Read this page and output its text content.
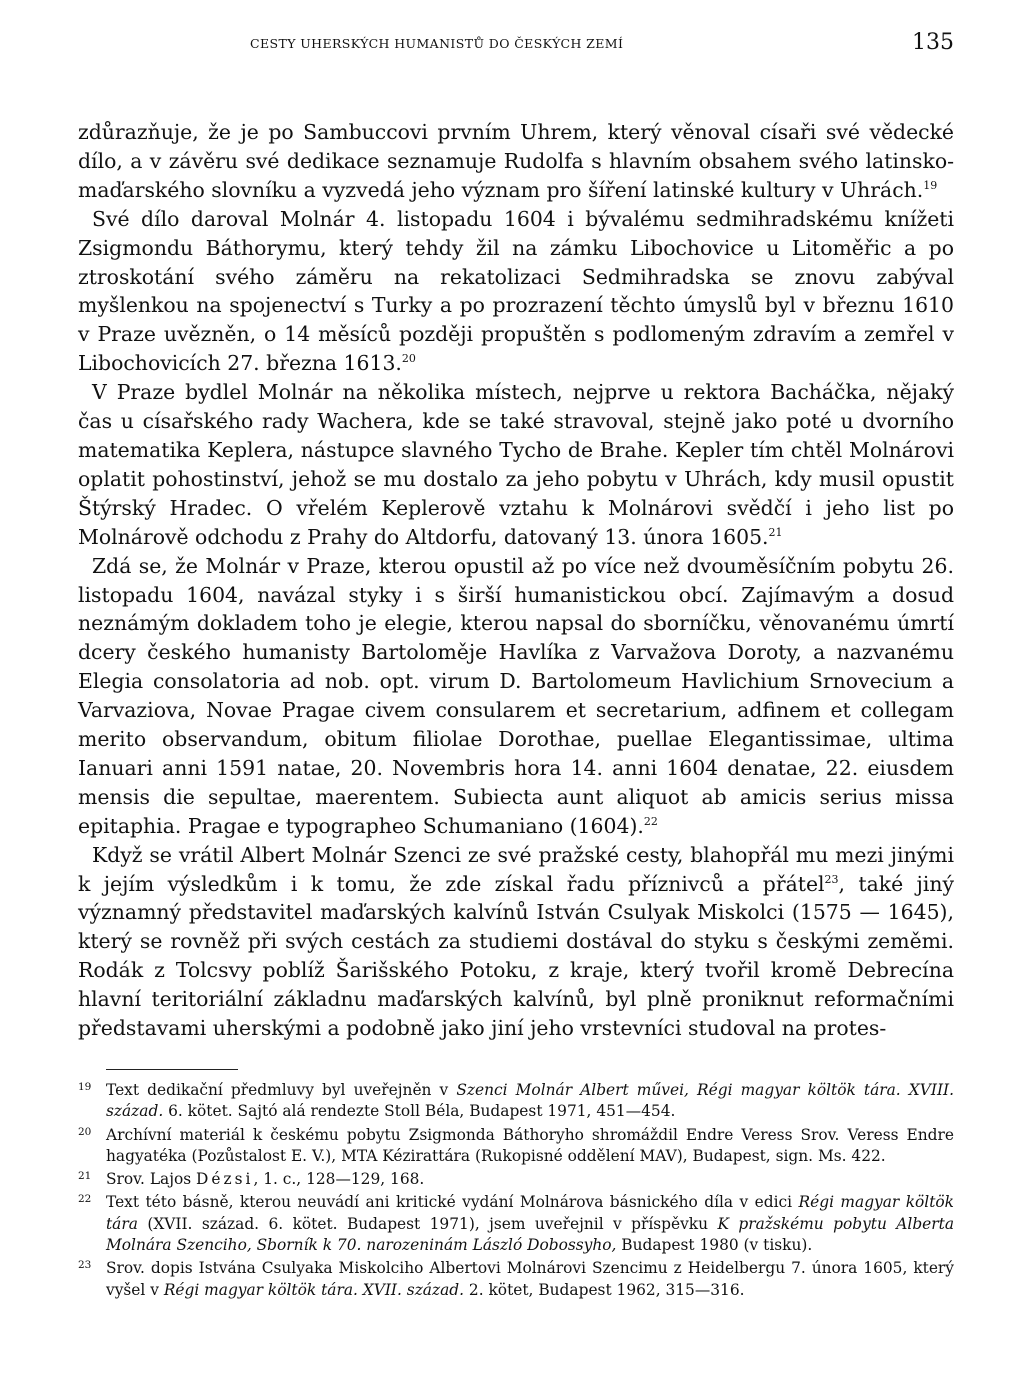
CESTY UHERSKÝCH HUMANISTŮ DO ČESKÝCH ZEMÍ	135

zdůrazňuje, že je po Sambuccovi prvním Uhrem, který věnoval císaři své vědecké dílo, a v závěru své dedikace seznamuje Rudolfa s hlavním obsahem svého latinsko-maďarského slovníku a vyzvedá jeho význam pro šíření latinské kultury v Uhrách.$^{19}$

Své dílo daroval Molnár 4. listopadu 1604 i bývalému sedmihradskému knížeti Zsigmondu Báthorymu, který tehdy žil na zámku Libochovice u Litoměřic a po ztroskotání svého záměru na rekatolizaci Sedmihradska se znovu zabýval myšlenkou na spojenectví s Turky a po prozrazení těchto úmyslů byl v březnu 1610 v Praze uvězněn, o 14 měsíců později propuštěn s podlomeným zdravím a zemřel v Libochovicích 27. března 1613.20

V Praze bydlel Molnár na několika místech, nejprve u rektora Bacháčka, nějaký čas u císařského rady Wachera, kde se také stravoval, stejně jako poté u dvorního matematika Keplera, nástupce slavného Tycho de Brahe. Kepler tím chtěl Molnárovi oplatit pohostinství, jehož se mu dostalo za jeho pobytu v Uhrách, kdy musil opustit Štýrský Hradec. O vřelém Keplerově vztahu k Molnárovi svědčí i jeho list po Molnárově odchodu z Prahy do Altdorfu, datovaný 13. února 1605.21

Zdá se, že Molnár v Praze, kterou opustil až po více než dvouměsíčním pobytu 26. listopadu 1604, navázal styky i s širší humanistickou obcí. Zajímavým a dosud neznámým dokladem toho je elegie, kterou napsal do sborníčku, věnovanému úmrtí dcery českého humanisty Bartoloměje Havlíka z Varvažova Doroty, a nazvanému Elegia consolatoria ad nob. opt. virum D. Bartolomeum Havlichium Srnovecium a Varvaziova, Novae Pragae civem consularem et secretarium, adfinem et collegam merito observandum, obitum filiolae Dorothae, puellae Elegantissimae, ultima Ianuari anni 1591 natae, 20. Novembris hora 14. anni 1604 denatae, 22. eiusdem mensis die sepultae, maerentem. Subiecta aunt aliquot ab amicis serius missa epitaphia. Pragae e typographeo Schumaniano (1604).$^{22}$

Když se vrátil Albert Molnár Szenci ze své pražské cesty, blahopřál mu mezi jinými k jejím výsledkům i k tomu, že zde získal řadu příznivců a přátel$^{23}$, také jiný významný představitel maďarských kalvínů István Csulyak Miskolci (1575 — 1645), který se rovněž při svých cestách za studiemi dostával do styku s českými zeměmi. Rodák z Tolcsvy poblíž Šarišského Potoku, z kraje, který tvořil kromě Debrecína hlavní teritoriální základnu maďarských kalvínů, byl plně proniknut reformačními představami uherskými a podobně jako jiní jeho vrstevníci studoval na protes-

19 Text dedikační předmluvy byl uveřejněn v Szenci Molnár Albert művei, Régi magyar költök tára. XVIII. század. 6. kötet. Sajtó alá rendezte Stoll Béla, Budapest 1971, 451—454.
20 Archívní materiál k českému pobytu Zsigmonda Báthoryho shromáždil Endre Veress Srov. Veress Endre hagyatéka (Pozůstalost E. V.), MTA Kézirattára (Rukopisné oddělení MAV), Budapest, sign. Ms. 422.
21 Srov. Lajos Dézsi, 1. c., 128—129, 168.
22 Text této básně, kterou neuvádí ani kritické vydání Molnárova básnického díla v edici Régi magyar költök tára (XVII. század. 6. kötet. Budapest 1971), jsem uveřejnil v příspěvku K pražskému pobytu Alberta Molnára Szenciho, Sborník k 70. narozeninám László Dobossyho, Budapest 1980 (v tisku).
23 Srov. dopis Istvána Csulyaka Miskolciho Albertovi Molnárovi Szencimu z Heidelbergu 7. února 1605, který vyšel v Régi magyar költök tára. XVII. század. 2. kötet, Budapest 1962, 315—316.
